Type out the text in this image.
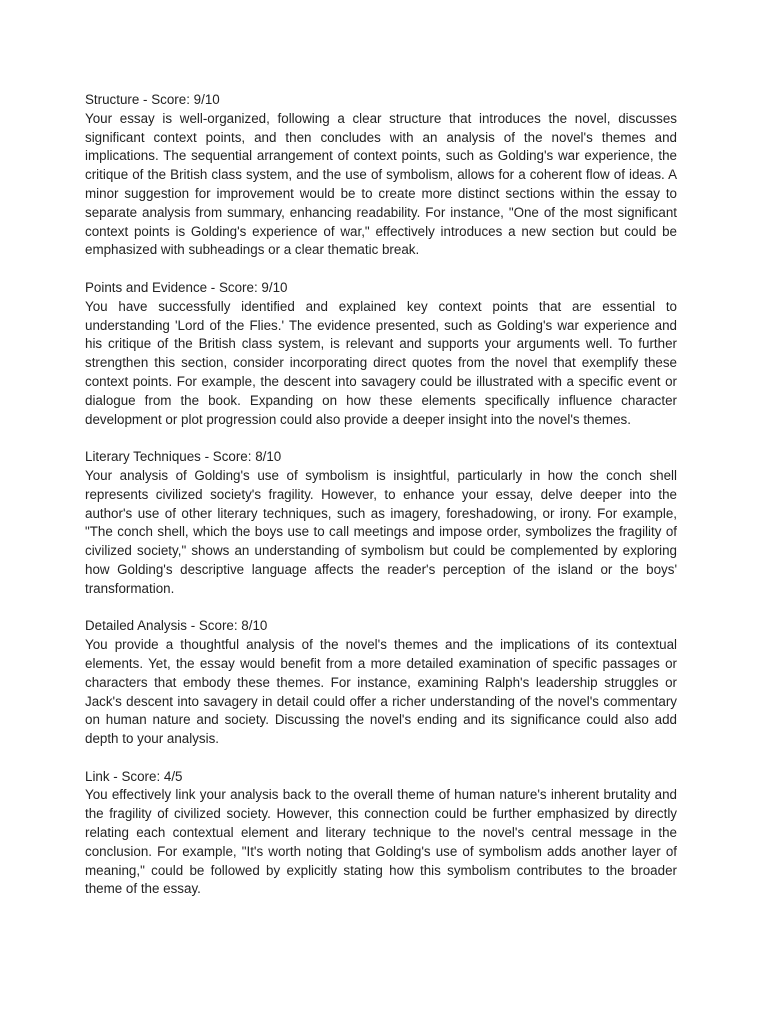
Structure - Score: 9/10

Your essay is well-organized, following a clear structure that introduces the novel, discusses significant context points, and then concludes with an analysis of the novel's themes and implications. The sequential arrangement of context points, such as Golding's war experience, the critique of the British class system, and the use of symbolism, allows for a coherent flow of ideas. A minor suggestion for improvement would be to create more distinct sections within the essay to separate analysis from summary, enhancing readability. For instance, "One of the most significant context points is Golding's experience of war," effectively introduces a new section but could be emphasized with subheadings or a clear thematic break.

Points and Evidence - Score: 9/10

You have successfully identified and explained key context points that are essential to understanding 'Lord of the Flies.' The evidence presented, such as Golding's war experience and his critique of the British class system, is relevant and supports your arguments well. To further strengthen this section, consider incorporating direct quotes from the novel that exemplify these context points. For example, the descent into savagery could be illustrated with a specific event or dialogue from the book. Expanding on how these elements specifically influence character development or plot progression could also provide a deeper insight into the novel's themes.

Literary Techniques - Score: 8/10

Your analysis of Golding's use of symbolism is insightful, particularly in how the conch shell represents civilized society's fragility. However, to enhance your essay, delve deeper into the author's use of other literary techniques, such as imagery, foreshadowing, or irony. For example, "The conch shell, which the boys use to call meetings and impose order, symbolizes the fragility of civilized society," shows an understanding of symbolism but could be complemented by exploring how Golding's descriptive language affects the reader's perception of the island or the boys' transformation.

Detailed Analysis - Score: 8/10

You provide a thoughtful analysis of the novel's themes and the implications of its contextual elements. Yet, the essay would benefit from a more detailed examination of specific passages or characters that embody these themes. For instance, examining Ralph's leadership struggles or Jack's descent into savagery in detail could offer a richer understanding of the novel's commentary on human nature and society. Discussing the novel's ending and its significance could also add depth to your analysis.

Link - Score: 4/5

You effectively link your analysis back to the overall theme of human nature's inherent brutality and the fragility of civilized society. However, this connection could be further emphasized by directly relating each contextual element and literary technique to the novel's central message in the conclusion. For example, "It's worth noting that Golding's use of symbolism adds another layer of meaning," could be followed by explicitly stating how this symbolism contributes to the broader theme of the essay.
